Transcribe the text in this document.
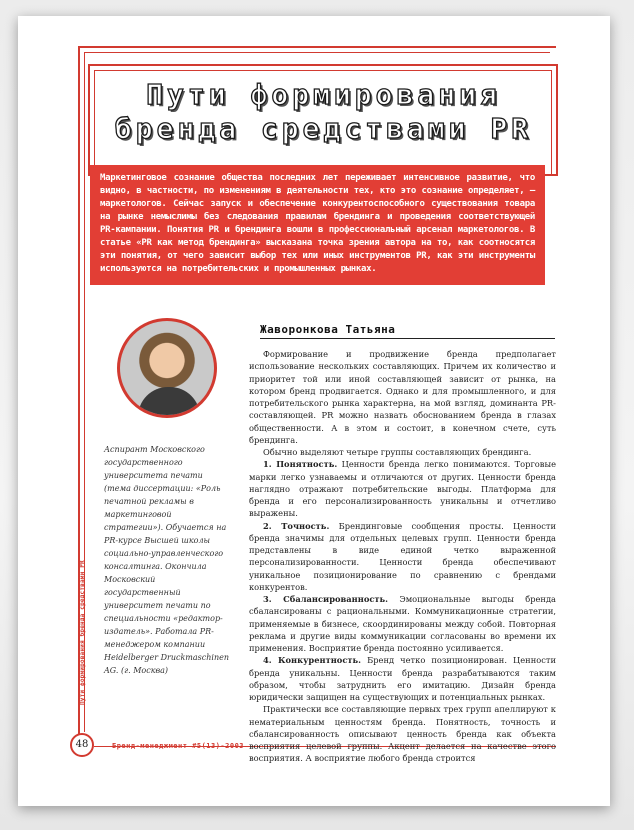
Пути формирования
бренда средствами PR
Маркетинговое сознание общества последних лет переживает интенсивное развитие, что видно, в частности, по изменениям в деятельности тех, кто это сознание определяет, — маркетологов. Сейчас запуск и обеспечение конкурентоспособного существования товара на рынке немыслимы без следования правилам брендинга и проведения соответствующей PR-кампании. Понятия PR и брендинга вошли в профессиональный арсенал маркетологов. В статье «PR как метод брендинга» высказана точка зрения автора на то, как соотносятся эти понятия, от чего зависит выбор тех или иных инструментов PR, как эти инструменты используются на потребительских и промышленных рынках.
Жаворонкова Татьяна

Аспирант Московского государственного университета печати (тема диссертации: «Роль печатной рекламы в маркетинговой стратегии»). Обучается на PR-курсе Высшей школы социально-управленческого консалтинга. Окончила Московский государственный университет печати по специальности «редактор-издатель». Работала PR-менеджером компании Heidelberger Druckmaschinen AG. (г. Москва)

Формирование и продвижение бренда предполагает использование нескольких составляющих. Причем их количество и приоритет той или иной составляющей зависит от рынка, на котором бренд продвигается. Однако и для промышленного, и для потребительского рынка характерна, на мой взгляд, доминанта PR-составляющей. PR можно назвать обоснованием бренда в глазах общественности. А в этом и состоит, в конечном счете, суть брендинга.

Обычно выделяют четыре группы составляющих брендинга.

1. Понятность. Ценности бренда легко понимаются. Торговые марки легко узнаваемы и отличаются от других. Ценности бренда наглядно отражают потребительские выгоды. Платформа для бренда и его персонализированность уникальны и отчетливо выражены.

2. Точность. Брендинговые сообщения просты. Ценности бренда значимы для отдельных целевых групп. Ценности бренда представлены в виде единой четко выраженной персонализированности. Ценности бренда обеспечивают уникальное позиционирование по сравнению с брендами конкурентов.

3. Сбалансированность. Эмоциональные выгоды бренда сбалансированы с рациональными. Коммуникационные стратегии, применяемые в бизнесе, скоординированы между собой. Повторная реклама и другие виды коммуникации согласованы во времени их применения. Восприятие бренда постоянно усиливается.

4. Конкурентность. Бренд четко позиционирован. Ценности бренда уникальны. Ценности бренда разрабатываются таким образом, чтобы затруднить его имитацию. Дизайн бренда юридически защищен на существующих и потенциальных рынках.

Практически все составляющие первых трех групп апеллируют к нематериальным ценностям бренда. Понятность, точность и сбалансированность описывают ценность бренда как объекта восприятия целевой группы. Акцент делается на качестве этого восприятия. А восприятие любого бренда строится

Пути формирования бренда средствами PR
48	Бренд-менеджмент #5(13)-2003
